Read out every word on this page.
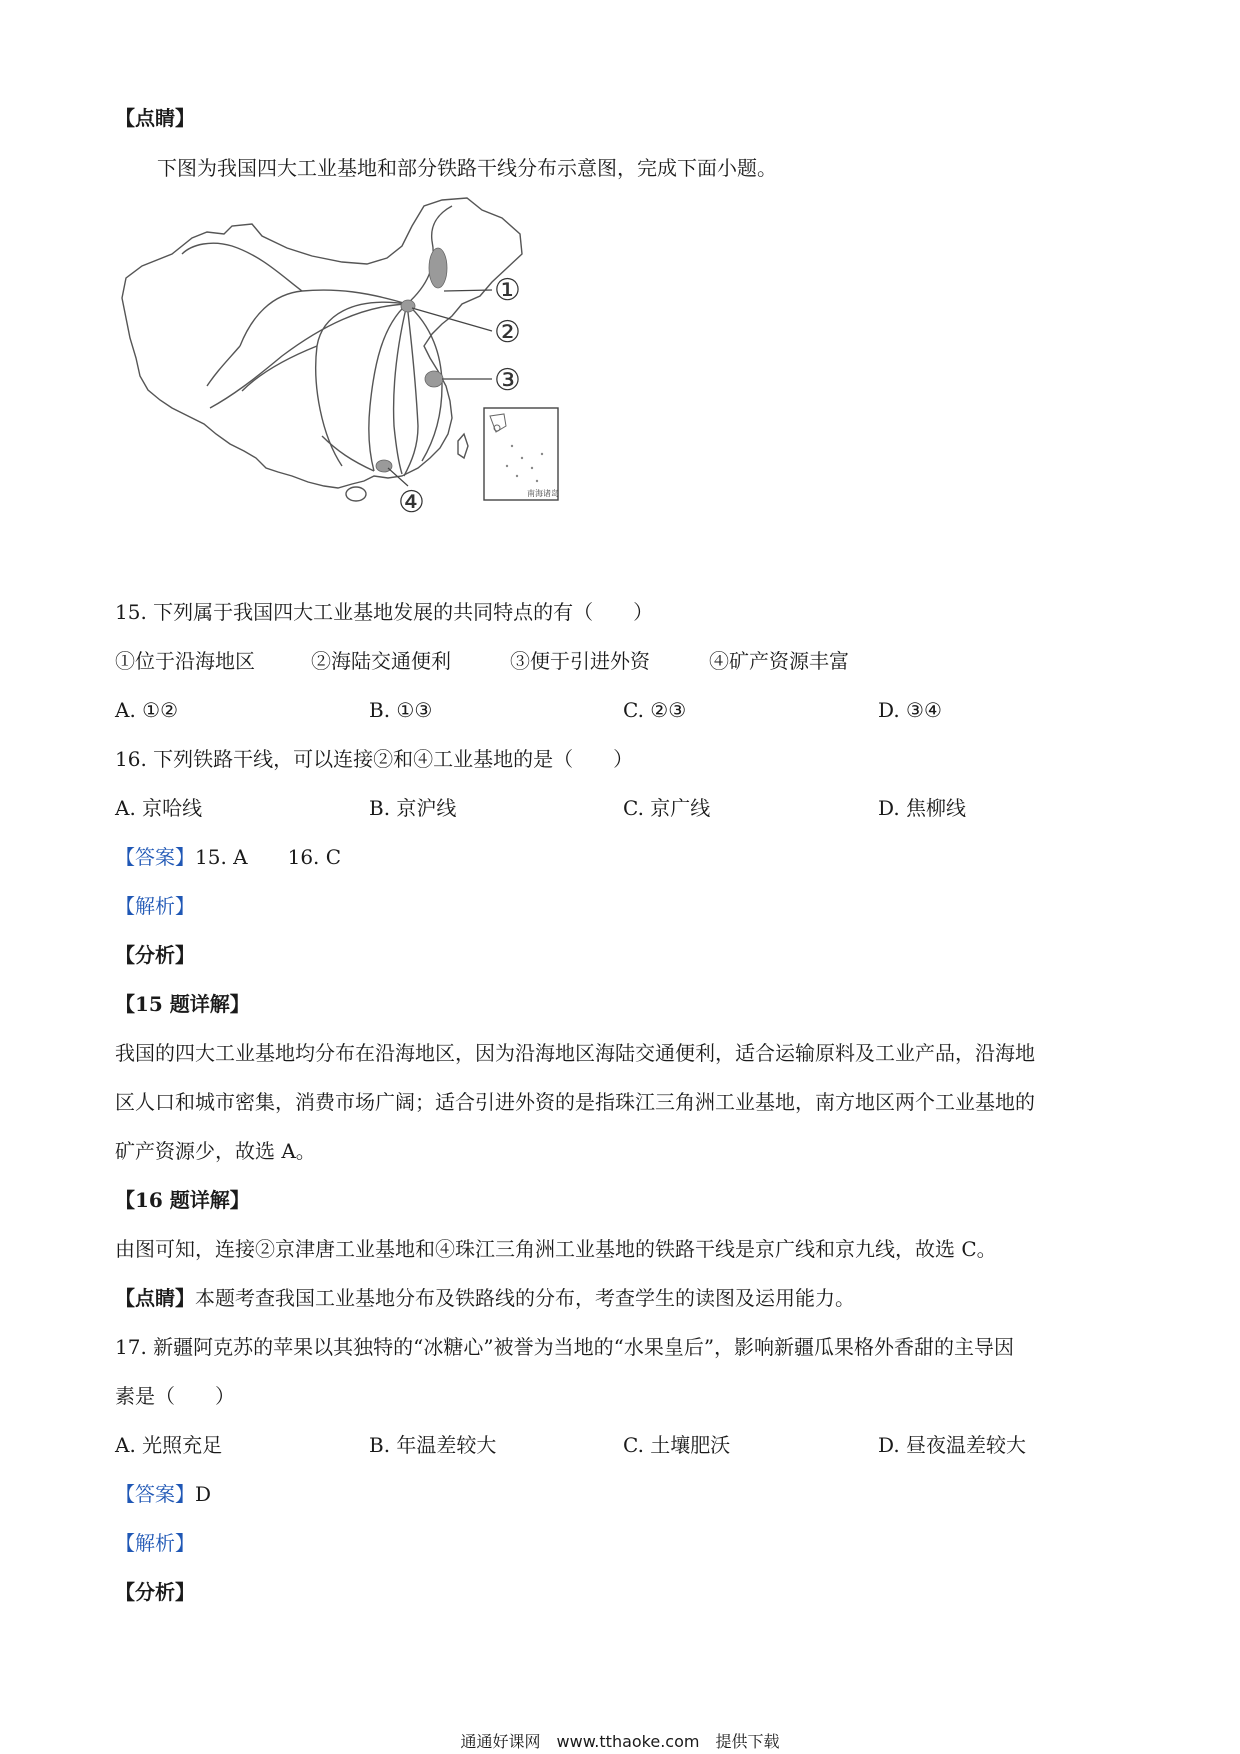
【点睛】
下图为我国四大工业基地和部分铁路干线分布示意图，完成下面小题。
①
②
③
④	南海诸岛
15. 下列属于我国四大工业基地发展的共同特点的有（　　）
①位于沿海地区	②海陆交通便利	③便于引进外资	④矿产资源丰富
A. ①②	B. ①③	C. ②③	D. ③④
16. 下列铁路干线，可以连接②和④工业基地的是（　　）
A. 京哈线	B. 京沪线	C. 京广线	D. 焦柳线
【答案】15. A　　16. C
【解析】
【分析】
【15 题详解】
我国的四大工业基地均分布在沿海地区，因为沿海地区海陆交通便利，适合运输原料及工业产品，沿海地
区人口和城市密集，消费市场广阔；适合引进外资的是指珠江三角洲工业基地，南方地区两个工业基地的
矿产资源少，故选 A。
【16 题详解】
由图可知，连接②京津唐工业基地和④珠江三角洲工业基地的铁路干线是京广线和京九线，故选 C。
【点睛】本题考查我国工业基地分布及铁路线的分布，考查学生的读图及运用能力。
17. 新疆阿克苏的苹果以其独特的“冰糖心”被誉为当地的“水果皇后”，影响新疆瓜果格外香甜的主导因
素是（　　）
A. 光照充足	B. 年温差较大	C. 土壤肥沃	D. 昼夜温差较大
【答案】D
【解析】
【分析】
通通好课网　www.tthaoke.com　提供下载
